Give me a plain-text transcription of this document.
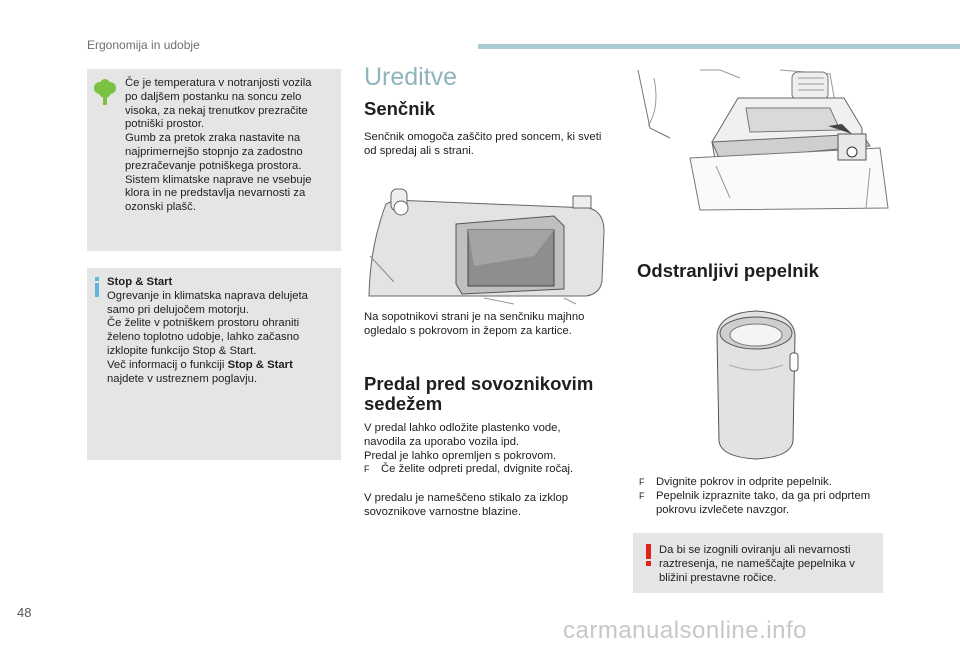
Ergonomija in udobje

Če je temperatura v notranjosti vozila
po daljšem postanku na soncu zelo
visoka, za nekaj trenutkov prezračite
potniški prostor.
Gumb za pretok zraka nastavite na
najprimernejšo stopnjo za zadostno
prezračevanje potniškega prostora.
Sistem klimatske naprave ne vsebuje
klora in ne predstavlja nevarnosti za
ozonski plašč.

Stop & Start
Ogrevanje in klimatska naprava delujeta
samo pri delujočem motorju.
Če želite v potniškem prostoru ohraniti
želeno toplotno udobje, lahko začasno
izklopite funkcijo Stop & Start.
Več informacij o funkciji Stop & Start
najdete v ustreznem poglavju.

Ureditve
Senčnik

Senčnik omogoča zaščito pred soncem, ki sveti
od spredaj ali s strani.

Na sopotnikovi strani je na senčniku majhno
ogledalo s pokrovom in žepom za kartice.

Predal pred sovoznikovim
sedežem

V predal lahko odložite plastenko vode,
navodila za uporabo vozila ipd.
Predal je lahko opremljen s pokrovom.

F	Če želite odpreti predal, dvignite ročaj.

V predalu je nameščeno stikalo za izklop
sovoznikove varnostne blazine.

Odstranljivi pepelnik
F	Dvignite pokrov in odprite pepelnik.
F	Pepelnik izpraznite tako, da ga pri odprtem
pokrovu izvlečete navzgor.

Da bi se izognili oviranju ali nevarnosti
raztresenja, ne nameščajte pepelnika v
bližini prestavne ročice.

48
carmanualsonline.info
